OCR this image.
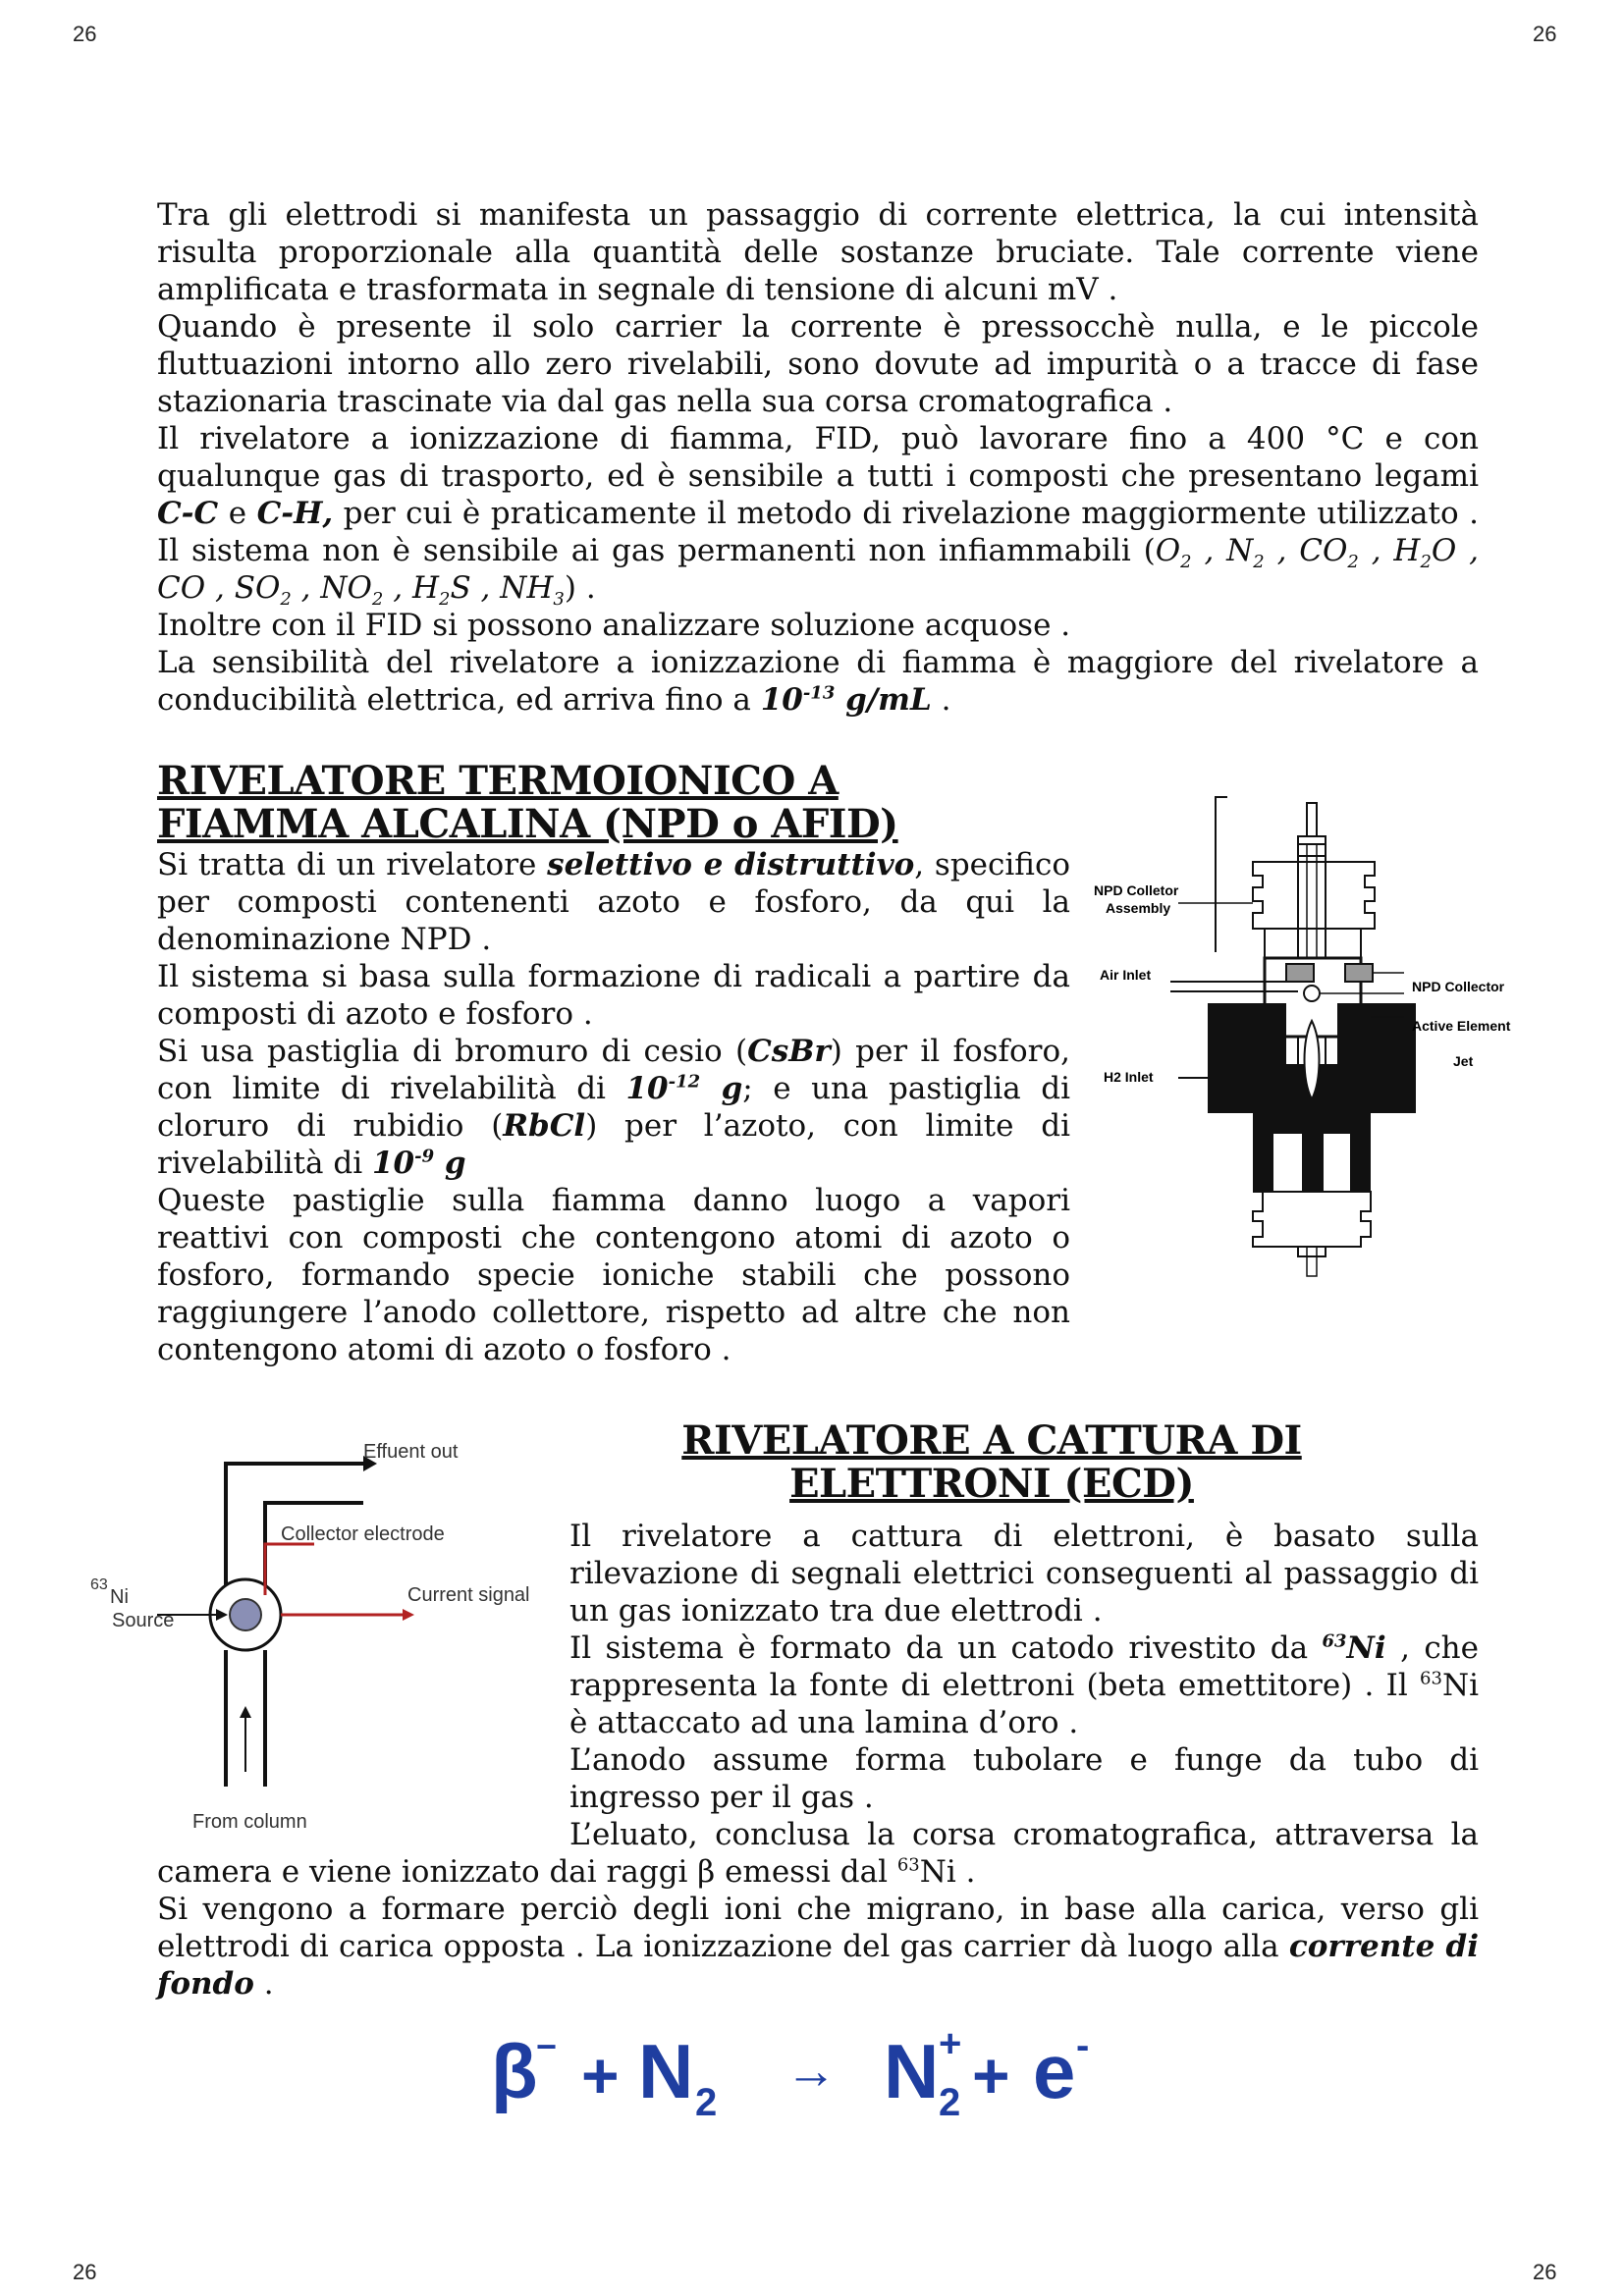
26	26
26	26

Tra gli elettrodi si manifesta un passaggio di corrente elettrica, la cui intensità risulta proporzionale alla quantità delle sostanze bruciate. Tale corrente viene amplificata e trasformata in segnale di tensione di alcuni mV .

Quando è presente il solo carrier la corrente è pressocchè nulla, e le piccole fluttuazioni intorno allo zero rivelabili, sono dovute ad impurità o a tracce di fase stazionaria trascinate via dal gas nella sua corsa cromatografica .

Il rivelatore a ionizzazione di fiamma, FID, può lavorare fino a 400 °C e con qualunque gas di trasporto, ed è sensibile a tutti i composti che presentano legami C-C e C-H, per cui è praticamente il metodo di rivelazione maggiormente utilizzato . Il sistema non è sensibile ai gas permanenti non infiammabili ($O_2$ , $N_2$ , $CO_2$ , $H_2O$ , CO , $SO_2$ , $NO_2$ , $H_2S$ , $NH_3$) .

Inoltre con il FID si possono analizzare soluzione acquose .

La sensibilità del rivelatore a ionizzazione di fiamma è maggiore del rivelatore a conducibilità elettrica, ed arriva fino a $10^{-13}$ g/mL .

RIVELATORE TERMOIONICO A
FIAMMA ALCALINA (NPD o AFID)

Si tratta di un rivelatore selettivo e distruttivo, specifico per composti contenenti azoto e fosforo, da qui la denominazione NPD .

Il sistema si basa sulla formazione di radicali a partire da composti di azoto e fosforo .

Si usa pastiglia di bromuro di cesio (CsBr) per il fosforo, con limite di rivelabilità di $10^{-12}$ g; e una pastiglia di cloruro di rubidio (RbCl) per l’azoto, con limite di rivelabilità di $10^{-9}$ g

Queste pastiglie sulla fiamma danno luogo a vapori reattivi con composti che contengono atomi di azoto o fosforo, formando specie ioniche stabili che possono raggiungere l’anodo collettore, rispetto ad altre che non contengono atomi di azoto o fosforo .

NPD Colletor
Assembly
Air Inlet
H2 Inlet
NPD Collector
Active Element
Jet
Effuent out
Collector electrode
Current signal
63
Ni
Source
From column
RIVELATORE A CATTURA DI
ELETTRONI (ECD)

Il rivelatore a cattura di elettroni, è basato sulla rilevazione di segnali elettrici conseguenti al passaggio di un gas ionizzato tra due elettrodi .

Il sistema è formato da un catodo rivestito da $^{63}$Ni , che rappresenta la fonte di elettroni (beta emettitore) . Il $^{63}$Ni è attaccato ad una lamina d’oro .

L’anodo assume forma tubolare e funge da tubo di ingresso per il gas .

L’eluato, conclusa la corsa cromatografica, attraversa la camera e viene ionizzato dai raggi β emessi dal $^{63}$Ni .

Si vengono a formare perciò degli ioni che migrano, in base alla carica, verso gli elettrodi di carica opposta . La ionizzazione del gas carrier dà luogo alla corrente di fondo .

β
− + N 2
→ N 2
+ + e -
